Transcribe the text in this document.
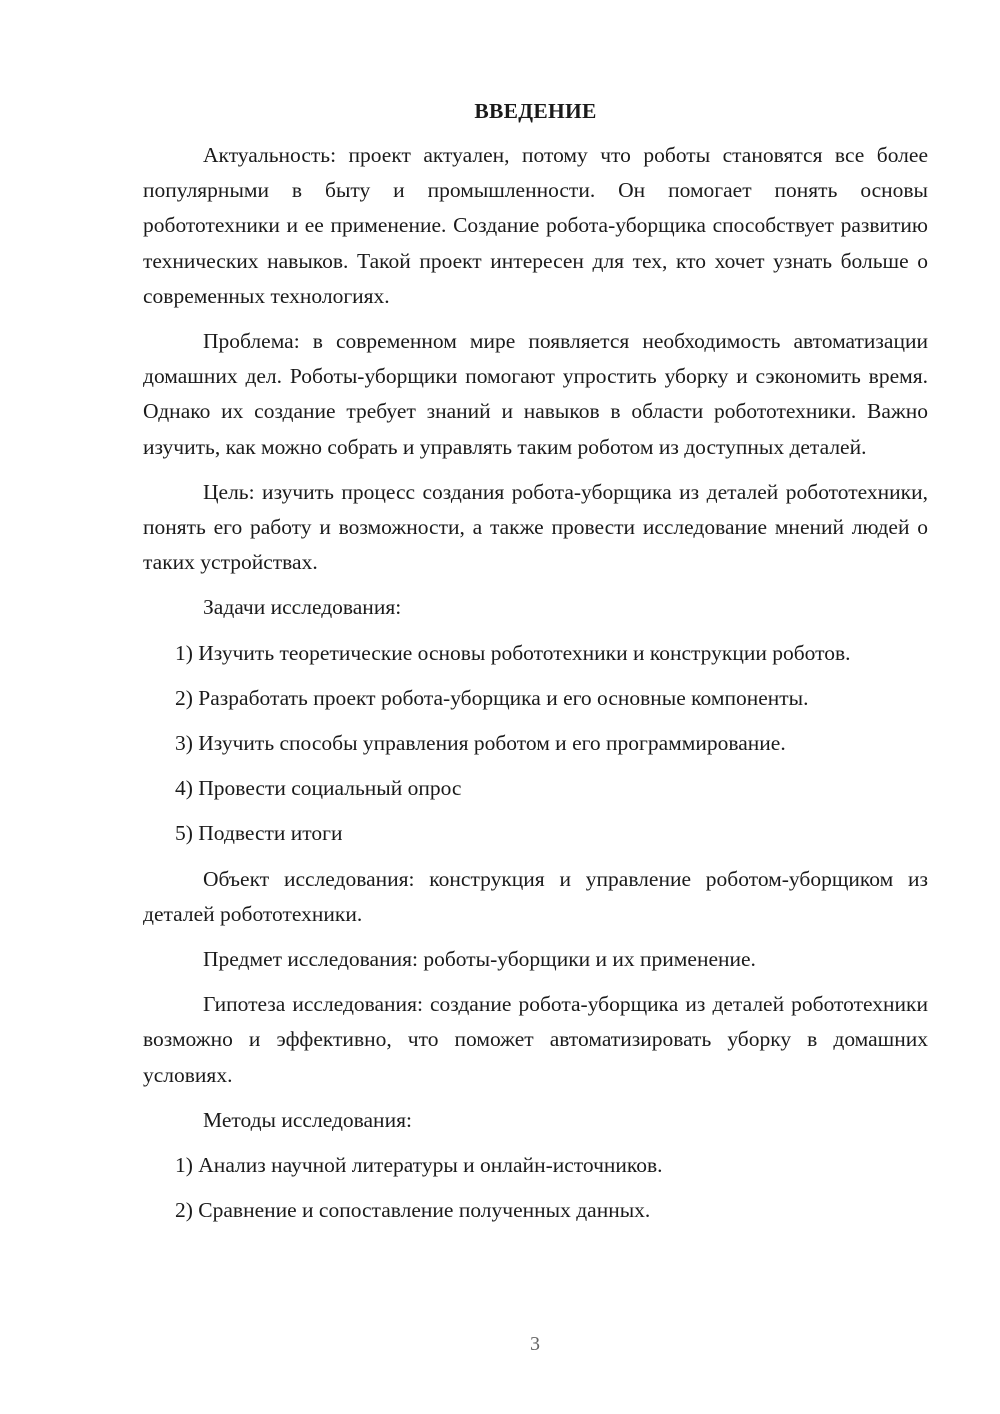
ВВЕДЕНИЕ

Актуальность: проект актуален, потому что роботы становятся все более популярными в быту и промышленности. Он помогает понять основы робототехники и ее применение. Создание робота-уборщика способствует развитию технических навыков. Такой проект интересен для тех, кто хочет узнать больше о современных технологиях.

Проблема: в современном мире появляется необходимость автоматизации домашних дел. Роботы-уборщики помогают упростить уборку и сэкономить время. Однако их создание требует знаний и навыков в области робототехники. Важно изучить, как можно собрать и управлять таким роботом из доступных деталей.

Цель: изучить процесс создания робота-уборщика из деталей робототехники, понять его работу и возможности, а также провести исследование мнений людей о таких устройствах.

Задачи исследования:

1) Изучить теоретические основы робототехники и конструкции роботов.
2) Разработать проект робота-уборщика и его основные компоненты.
3) Изучить способы управления роботом и его программирование.
4) Провести социальный опрос
5) Подвести итоги

Объект исследования: конструкция и управление роботом-уборщиком из деталей робототехники.

Предмет исследования: роботы-уборщики и их применение.

Гипотеза исследования: создание робота-уборщика из деталей робототехники возможно и эффективно, что поможет автоматизировать уборку в домашних условиях.

Методы исследования:

1) Анализ научной литературы и онлайн-источников.
2) Сравнение и сопоставление полученных данных.
3
